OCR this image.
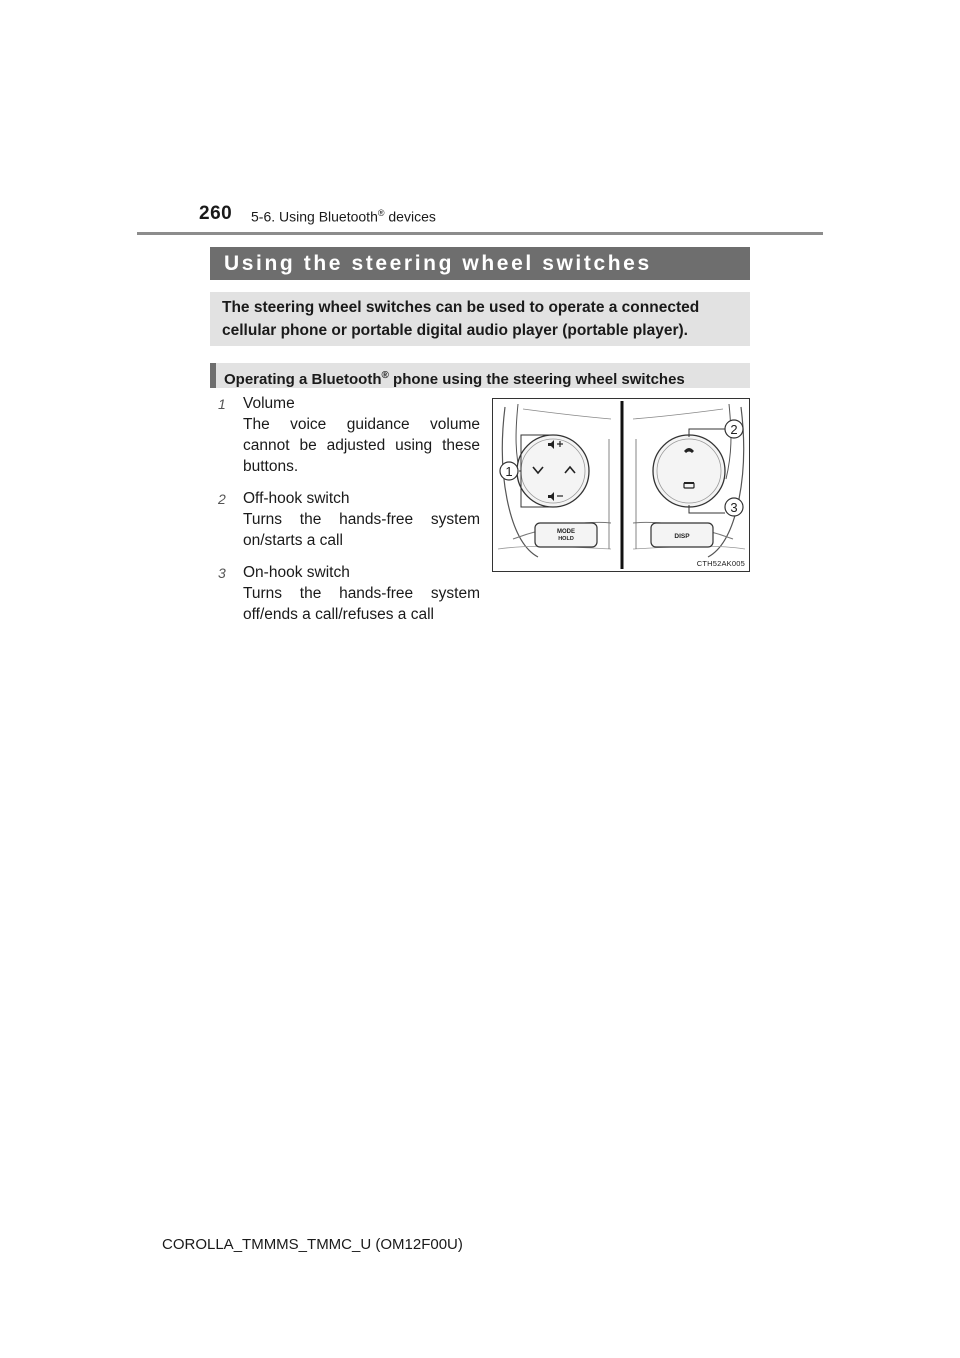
260 5-6. Using Bluetooth® devices
Using the steering wheel switches
The steering wheel switches can be used to operate a connected cellular phone or portable digital audio player (portable player).
Operating a Bluetooth® phone using the steering wheel switches
1 Volume
The voice guidance volume cannot be adjusted using these buttons.
2 Off-hook switch
Turns the hands-free system on/starts a call
3 On-hook switch
Turns the hands-free system off/ends a call/refuses a call
MODE
HOLD	DISP
1
2
3
CTH52AK005
COROLLA_TMMMS_TMMC_U (OM12F00U)
